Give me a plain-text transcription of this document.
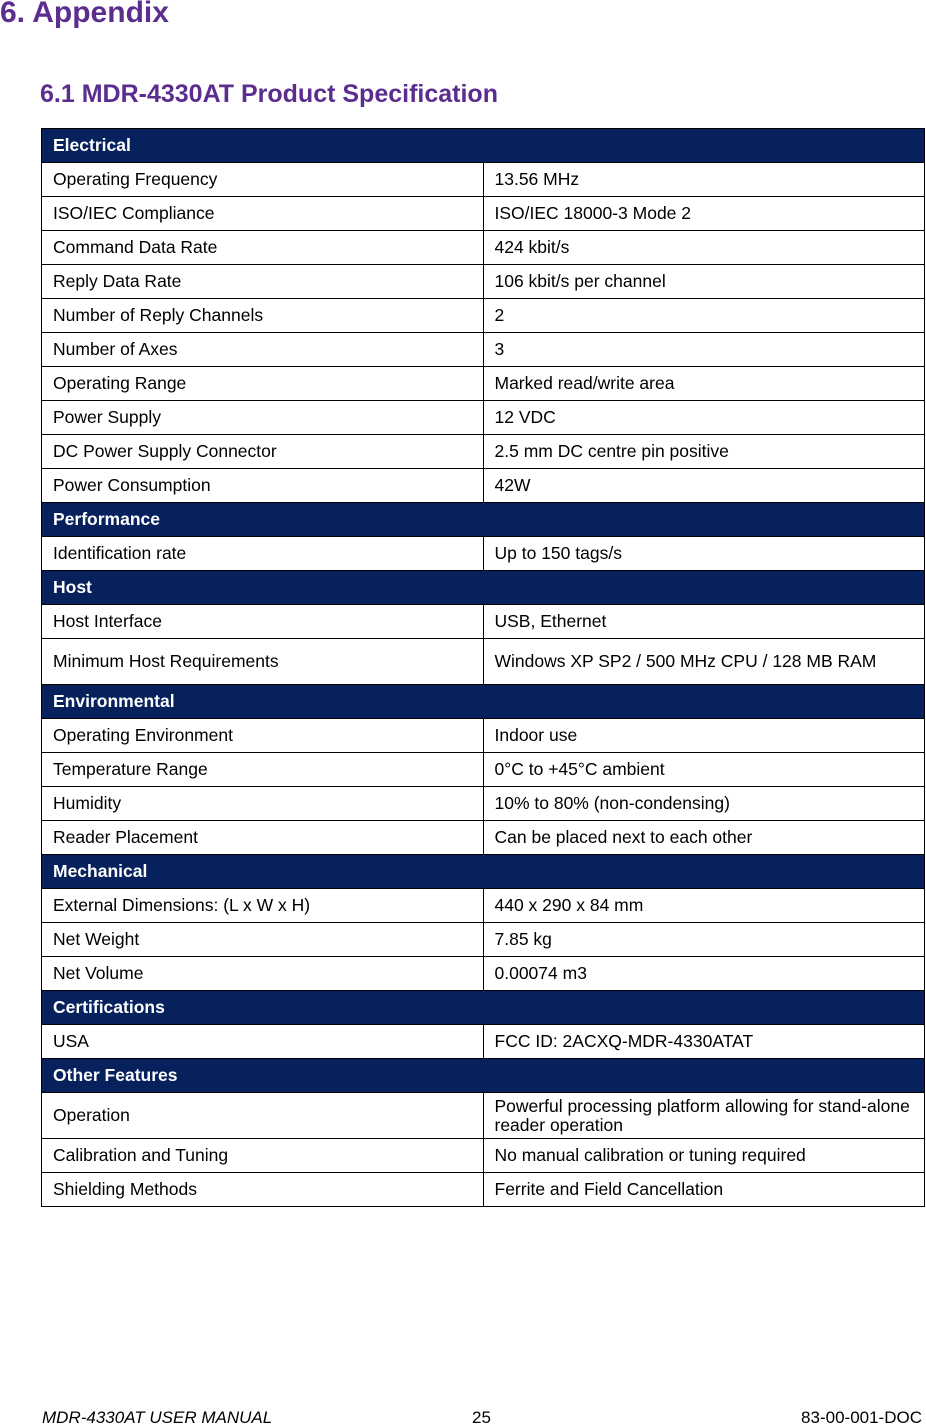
6. Appendix
6.1 MDR-4330AT Product Specification
Electrical	
Operating Frequency	13.56 MHz
ISO/IEC Compliance	ISO/IEC 18000-3 Mode 2
Command Data Rate	424 kbit/s
Reply Data Rate	106 kbit/s per channel
Number of Reply Channels	2
Number of Axes	3
Operating Range	Marked read/write area
Power Supply	12 VDC
DC Power Supply Connector	2.5 mm DC centre pin positive
Power Consumption	42W
Performance	
Identification rate	Up to 150 tags/s
Host	
Host Interface	USB, Ethernet
Minimum Host Requirements	Windows XP SP2 / 500 MHz CPU / 128 MB RAM
Environmental	
Operating Environment	Indoor use
Temperature Range	0°C to +45°C ambient
Humidity	10% to 80% (non-condensing)
Reader Placement	Can be placed next to each other
Mechanical	
External Dimensions: (L x W x H)	440 x 290 x 84 mm
Net Weight	7.85 kg
Net Volume	0.00074 m3
Certifications	
USA	FCC ID: 2ACXQ-MDR-4330ATAT
Other Features	
Operation	Powerful processing platform allowing for stand-alone reader operation
Calibration and Tuning	No manual calibration or tuning required
Shielding Methods	Ferrite and Field Cancellation
MDR-4330AT USER MANUAL	25	83-00-001-DOC
